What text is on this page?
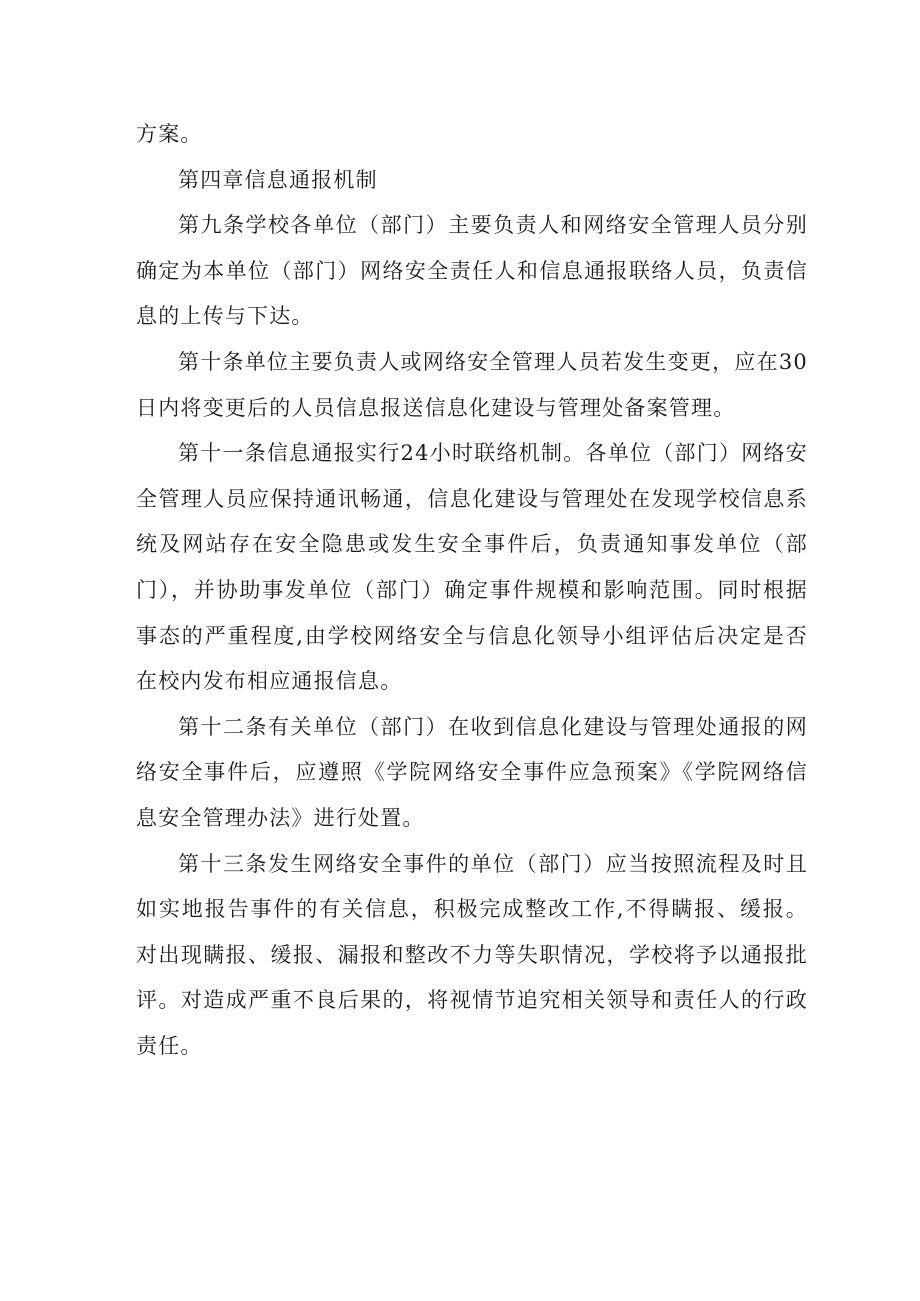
方案。

第四章信息通报机制

第九条学校各单位（部门）主要负责人和网络安全管理人员分别确定为本单位（部门）网络安全责任人和信息通报联络人员，负责信息的上传与下达。

第十条单位主要负责人或网络安全管理人员若发生变更，应在30日内将变更后的人员信息报送信息化建设与管理处备案管理。

第十一条信息通报实行24小时联络机制。各单位（部门）网络安全管理人员应保持通讯畅通，信息化建设与管理处在发现学校信息系统及网站存在安全隐患或发生安全事件后，负责通知事发单位（部门），并协助事发单位（部门）确定事件规模和影响范围。同时根据事态的严重程度,由学校网络安全与信息化领导小组评估后决定是否在校内发布相应通报信息。

第十二条有关单位（部门）在收到信息化建设与管理处通报的网络安全事件后，应遵照《学院网络安全事件应急预案》《学院网络信息安全管理办法》进行处置。

第十三条发生网络安全事件的单位（部门）应当按照流程及时且如实地报告事件的有关信息，积极完成整改工作,不得瞒报、缓报。对出现瞒报、缓报、漏报和整改不力等失职情况，学校将予以通报批评。对造成严重不良后果的，将视情节追究相关领导和责任人的行政责任。
